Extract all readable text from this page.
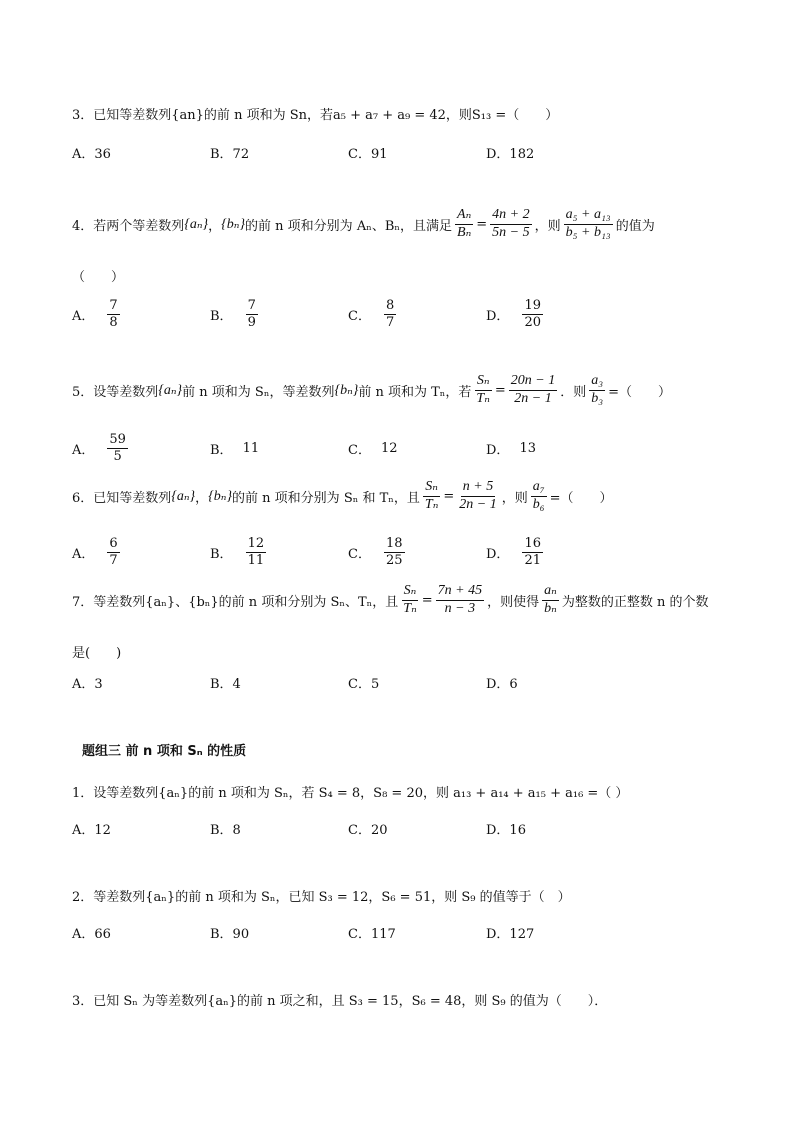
3．已知等差数列{an}的前 n 项和为 Sn，若a₅ + a₇ + a₉ = 42，则S₁₃ =（　　）
A．36	B．72	C．91	D．182
4．若两个等差数列 {aₙ} ， {bₙ} 的前 n 项和分别为 Aₙ、Bₙ，且满足 $\frac{\text{Aₙ}}{\text{Bₙ}} = \frac{4n + 2}{5n - 5}$ ，则 $\frac{\text{a₅ + a₁₃}}{\text{b₅ + b₁₃}}$ 的值为
（　　）
A． $\frac{7}{8}$	B． $\frac{7}{9}$	C． $\frac{8}{7}$	D． $\frac{19}{20}$
5．设等差数列 {aₙ} 前 n 项和为 Sₙ，等差数列 {bₙ} 前 n 项和为 Tₙ，若 $\frac{\text{Sₙ}}{\text{Tₙ}} = \frac{20n - 1}{2n - 1}$ ．则 $\frac{\text{a₃}}{\text{b₃}}$ =（　　）
A． $\frac{59}{5}$	B． 11	C． 12	D． 13
6．已知等差数列 {aₙ} ， {bₙ} 的前 n 项和分别为 Sₙ 和 Tₙ，且 $\frac{\text{Sₙ}}{\text{Tₙ}} = \frac{n + 5}{2n - 1}$ ，则 $\frac{\text{a₇}}{\text{b₆}}$ =（　　）
A． $\frac{6}{7}$	B． $\frac{12}{11}$	C． $\frac{18}{25}$	D． $\frac{16}{21}$
7．等差数列{aₙ}、{bₙ}的前 n 项和分别为 Sₙ、Tₙ，且 $\frac{\text{Sₙ}}{\text{Tₙ}} = \frac{7n + 45}{n - 3}$ ，则使得 $\frac{\text{aₙ}}{\text{bₙ}}$ 为整数的正整数 n 的个数
是(　　)
A．3	B．4	C．5	D．6
题组三 前 n 项和 Sₙ 的性质
1．设等差数列{aₙ}的前 n 项和为 Sₙ，若 S₄ = 8，S₈ = 20，则 a₁₃ + a₁₄ + a₁₅ + a₁₆ =（ ）
A．12	B．8	C．20	D．16
2．等差数列{aₙ}的前 n 项和为 Sₙ，已知 S₃ = 12，S₆ = 51，则 S₉ 的值等于（　）
A．66	B．90	C．117	D．127
3．已知 Sₙ 为等差数列{aₙ}的前 n 项之和，且 S₃ = 15，S₆ = 48，则 S₉ 的值为（　　）．
